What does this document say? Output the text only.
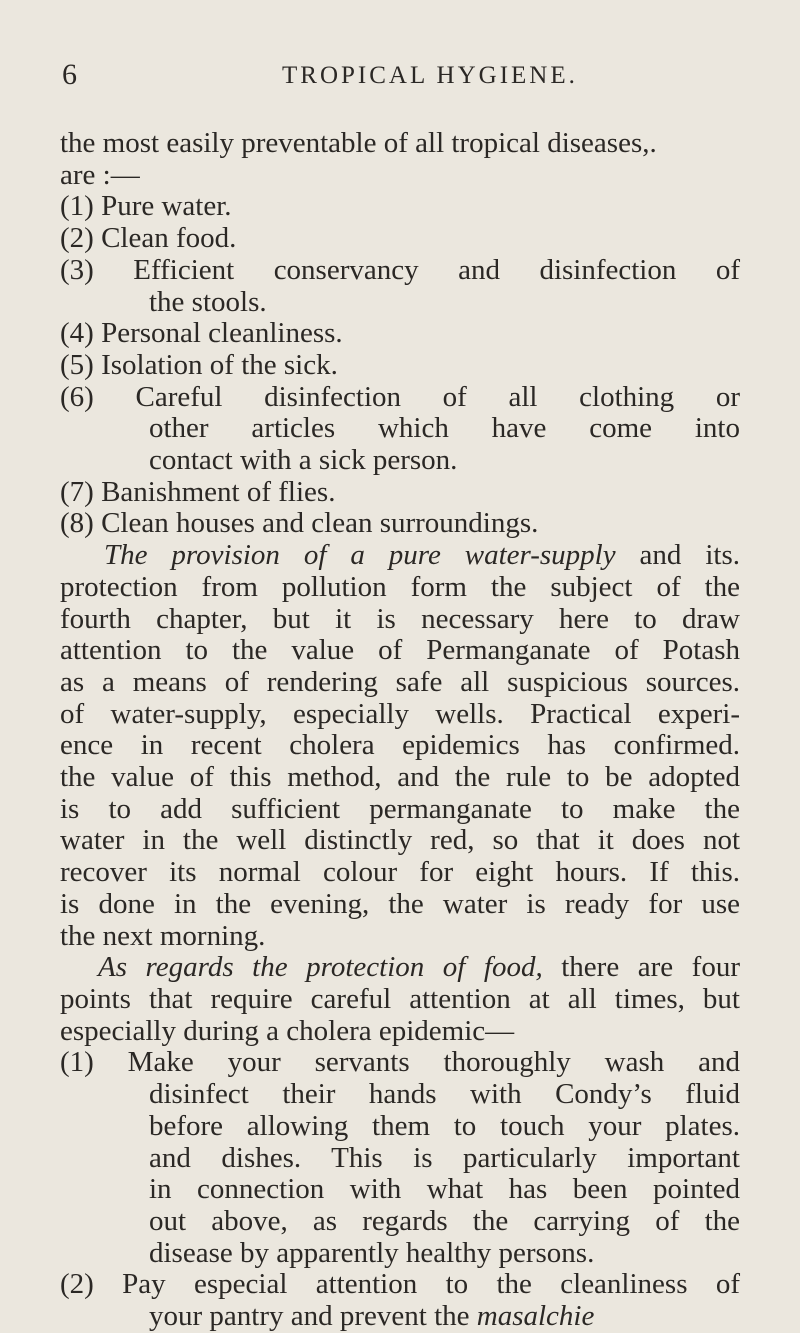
6	TROPICAL HYGIENE.
the most easily preventable of all tropical diseases,.
are :—
(1) Pure water.
(2) Clean food.
(3) Efficient conservancy and disinfection of
the stools.
(4) Personal cleanliness.
(5) Isolation of the sick.
(6) Careful disinfection of all clothing or
other articles which have come into
contact with a sick person.
(7) Banishment of flies.
(8) Clean houses and clean surroundings.
The provision of a pure water-supply and its.
protection from pollution form the subject of the
fourth chapter, but it is necessary here to draw
attention to the value of Permanganate of Potash
as a means of rendering safe all suspicious sources.
of water-supply, especially wells. Practical experi-
ence in recent cholera epidemics has confirmed.
the value of this method, and the rule to be adopted
is to add sufficient permanganate to make the
water in the well distinctly red, so that it does not
recover its normal colour for eight hours. If this.
is done in the evening, the water is ready for use
the next morning.
As regards the protection of food, there are four
points that require careful attention at all times, but
especially during a cholera epidemic—
(1) Make your servants thoroughly wash and
disinfect their hands with Condy’s fluid
before allowing them to touch your plates.
and dishes. This is particularly important
in connection with what has been pointed
out above, as regards the carrying of the
disease by apparently healthy persons.
(2) Pay especial attention to the cleanliness of
your pantry and prevent the masalchie
